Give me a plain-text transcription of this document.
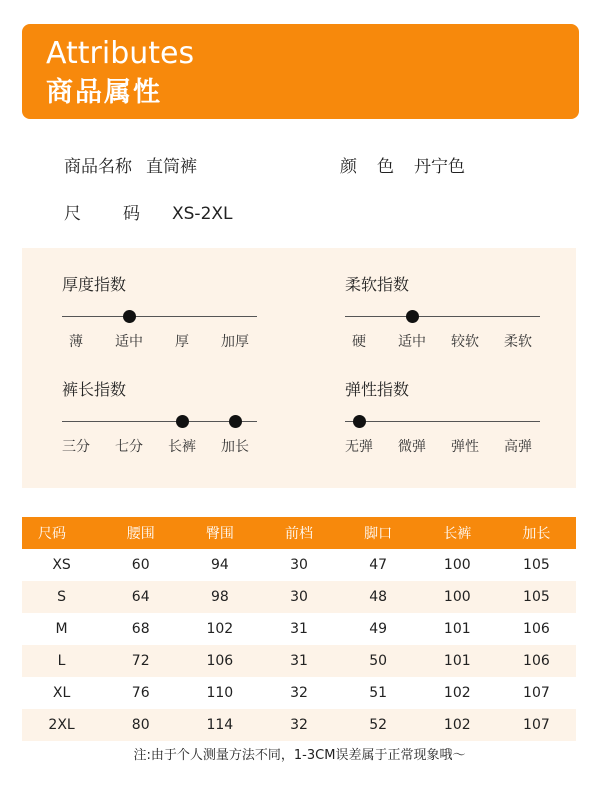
Attributes
商品属性
商品名称 直筒裤	颜色丹宁色
尺码XS-2XL
厚度指数
薄 适中 厚 加厚
柔软指数
硬 适中 较软 柔软
裤长指数
三分 七分 长裤 加长
弹性指数
无弹 微弹 弹性 高弹
尺码	腰围	臀围	前档	脚口	长裤	加长
XS	60	94	30	47	100	105
S	64	98	30	48	100	105
M	68	102	31	49	101	106
L	72	106	31	50	101	106
XL	76	110	32	51	102	107
2XL	80	114	32	52	102	107
注:由于个人测量方法不同，1-3CM误差属于正常现象哦～
